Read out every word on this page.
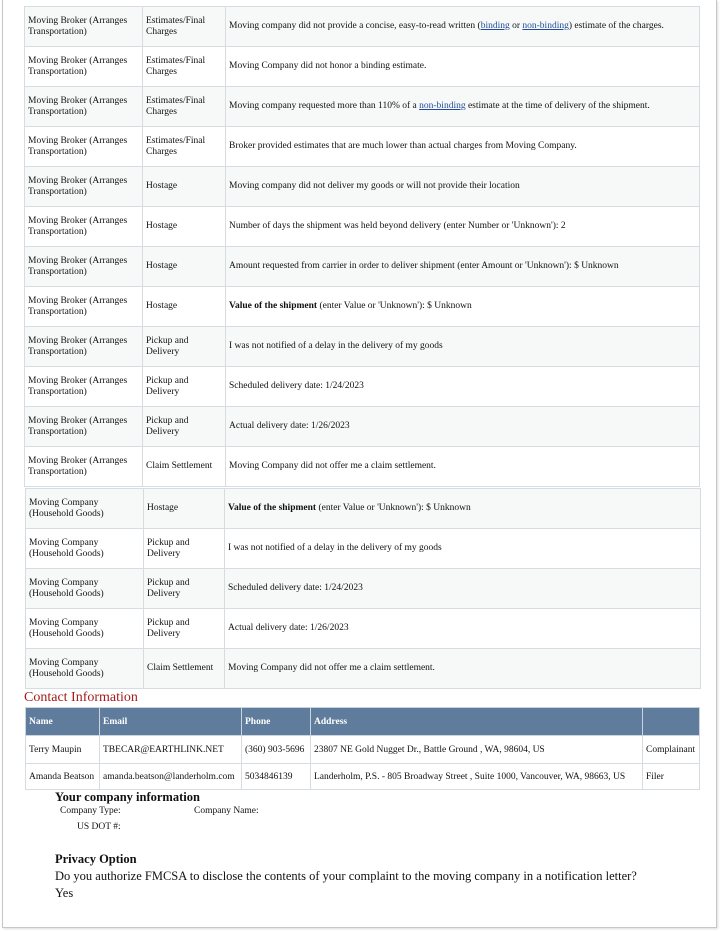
Moving Broker (Arranges Transportation)	Estimates/Final Charges	Moving company did not provide a concise, easy-to-read written (binding or non-binding) estimate of the charges.
Moving Broker (Arranges Transportation)	Estimates/Final Charges	Moving Company did not honor a binding estimate.
Moving Broker (Arranges Transportation)	Estimates/Final Charges	Moving company requested more than 110% of a non-binding estimate at the time of delivery of the shipment.
Moving Broker (Arranges Transportation)	Estimates/Final Charges	Broker provided estimates that are much lower than actual charges from Moving Company.
Moving Broker (Arranges Transportation)	Hostage	Moving company did not deliver my goods or will not provide their location
Moving Broker (Arranges Transportation)	Hostage	Number of days the shipment was held beyond delivery (enter Number or 'Unknown'): 2
Moving Broker (Arranges Transportation)	Hostage	Amount requested from carrier in order to deliver shipment (enter Amount or 'Unknown'): $ Unknown
Moving Broker (Arranges Transportation)	Hostage	Value of the shipment (enter Value or 'Unknown'): $ Unknown
Moving Broker (Arranges Transportation)	Pickup and Delivery	I was not notified of a delay in the delivery of my goods
Moving Broker (Arranges Transportation)	Pickup and Delivery	Scheduled delivery date: 1/24/2023
Moving Broker (Arranges Transportation)	Pickup and Delivery	Actual delivery date: 1/26/2023
Moving Broker (Arranges Transportation)	Claim Settlement	Moving Company did not offer me a claim settlement.
Moving Company (Household Goods)	Hostage	Value of the shipment (enter Value or 'Unknown'): $ Unknown
Moving Company (Household Goods)	Pickup and Delivery	I was not notified of a delay in the delivery of my goods
Moving Company (Household Goods)	Pickup and Delivery	Scheduled delivery date: 1/24/2023
Moving Company (Household Goods)	Pickup and Delivery	Actual delivery date: 1/26/2023
Moving Company (Household Goods)	Claim Settlement	Moving Company did not offer me a claim settlement.
Contact Information
Name	Email	Phone	Address	
Terry Maupin	TBECAR@EARTHLINK.NET	(360) 903-5696	23807 NE Gold Nugget Dr., Battle Ground , WA, 98604, US	Complainant
Amanda Beatson	amanda.beatson@landerholm.com	5034846139	Landerholm, P.S. - 805 Broadway Street , Suite 1000, Vancouver, WA, 98663, US	Filer
Your company information
Company Type:	Company Name:
US DOT #:
Privacy Option
Do you authorize FMCSA to disclose the contents of your complaint to the moving company in a notification letter?
Yes
